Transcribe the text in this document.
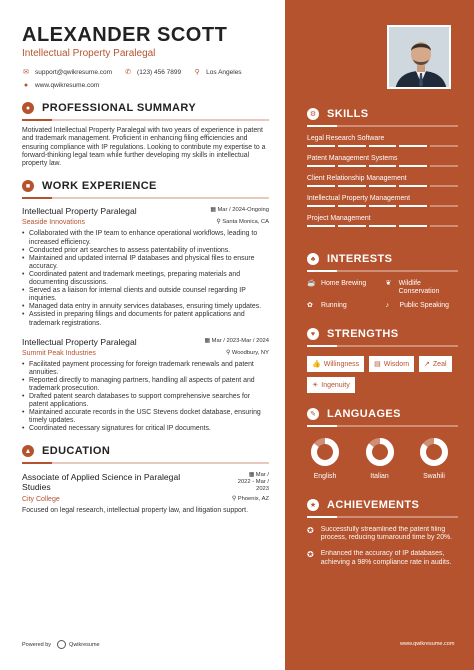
ALEXANDER SCOTT
Intellectual Property Paralegal
✉ support@qwikresume.com ✆ (123) 456 7899 ⚲ Los Angeles
● www.qwikresume.com
●	PROFESSIONAL SUMMARY
Motivated Intellectual Property Paralegal with two years of experience in patent and trademark management. Proficient in enhancing filing efficiencies and ensuring compliance with IP regulations. Looking to contribute my expertise to a forward-thinking legal team while further developing my skills in intellectual property law.
■	WORK EXPERIENCE
Intellectual Property Paralegal	▦ Mar / 2024-Ongoing
Seaside Innovations	⚲ Santa Monica, CA
• Collaborated with the IP team to enhance operational workflows, leading to increased efficiency.
• Conducted prior art searches to assess patentability of inventions.
• Maintained and updated internal IP databases and physical files to ensure accuracy.
• Coordinated patent and trademark meetings, preparing materials and documenting discussions.
• Served as a liaison for internal clients and outside counsel regarding IP inquiries.
• Managed data entry in annuity services databases, ensuring timely updates.
• Assisted in preparing filings and documents for patent applications and trademark registrations.
Intellectual Property Paralegal	▦ Mar / 2023-Mar / 2024
Summit Peak Industries	⚲ Woodbury, NY
• Facilitated payment processing for foreign trademark renewals and patent annuities.
• Reported directly to managing partners, handling all aspects of patent and trademark prosecution.
• Drafted patent search databases to support comprehensive searches for patent applications.
• Maintained accurate records in the USC Stevens docket database, ensuring timely updates.
• Coordinated necessary signatures for critical IP documents.
▲ EDUCATION
Associate of Applied Science in Paralegal Studies
▦ Mar /
2022 - Mar /
2023
City College	⚲ Phoenix, AZ
Focused on legal research, intellectual property law, and litigation support.
Powered by	Qwikresume
⚙ SKILLS
Legal Research Software
Patent Management Systems
Client Relationship Management
Intellectual Property Management
Project Management
♣	INTERESTS
☕ Home Brewing	❦	Wildlife Conservation
✿	Running	♪	Public Speaking
♥	STRENGTHS
👍 Willingness ▤ Wisdom ↗ Zeal
☀ Ingenuity
✎ LANGUAGES
English	Italian	Swahili
★ ACHIEVEMENTS
✪ Successfully streamlined the patent filing process, reducing turnaround time by 20%.
✪ Enhanced the accuracy of IP databases, achieving a 98% compliance rate in audits.
www.qwikresume.com
